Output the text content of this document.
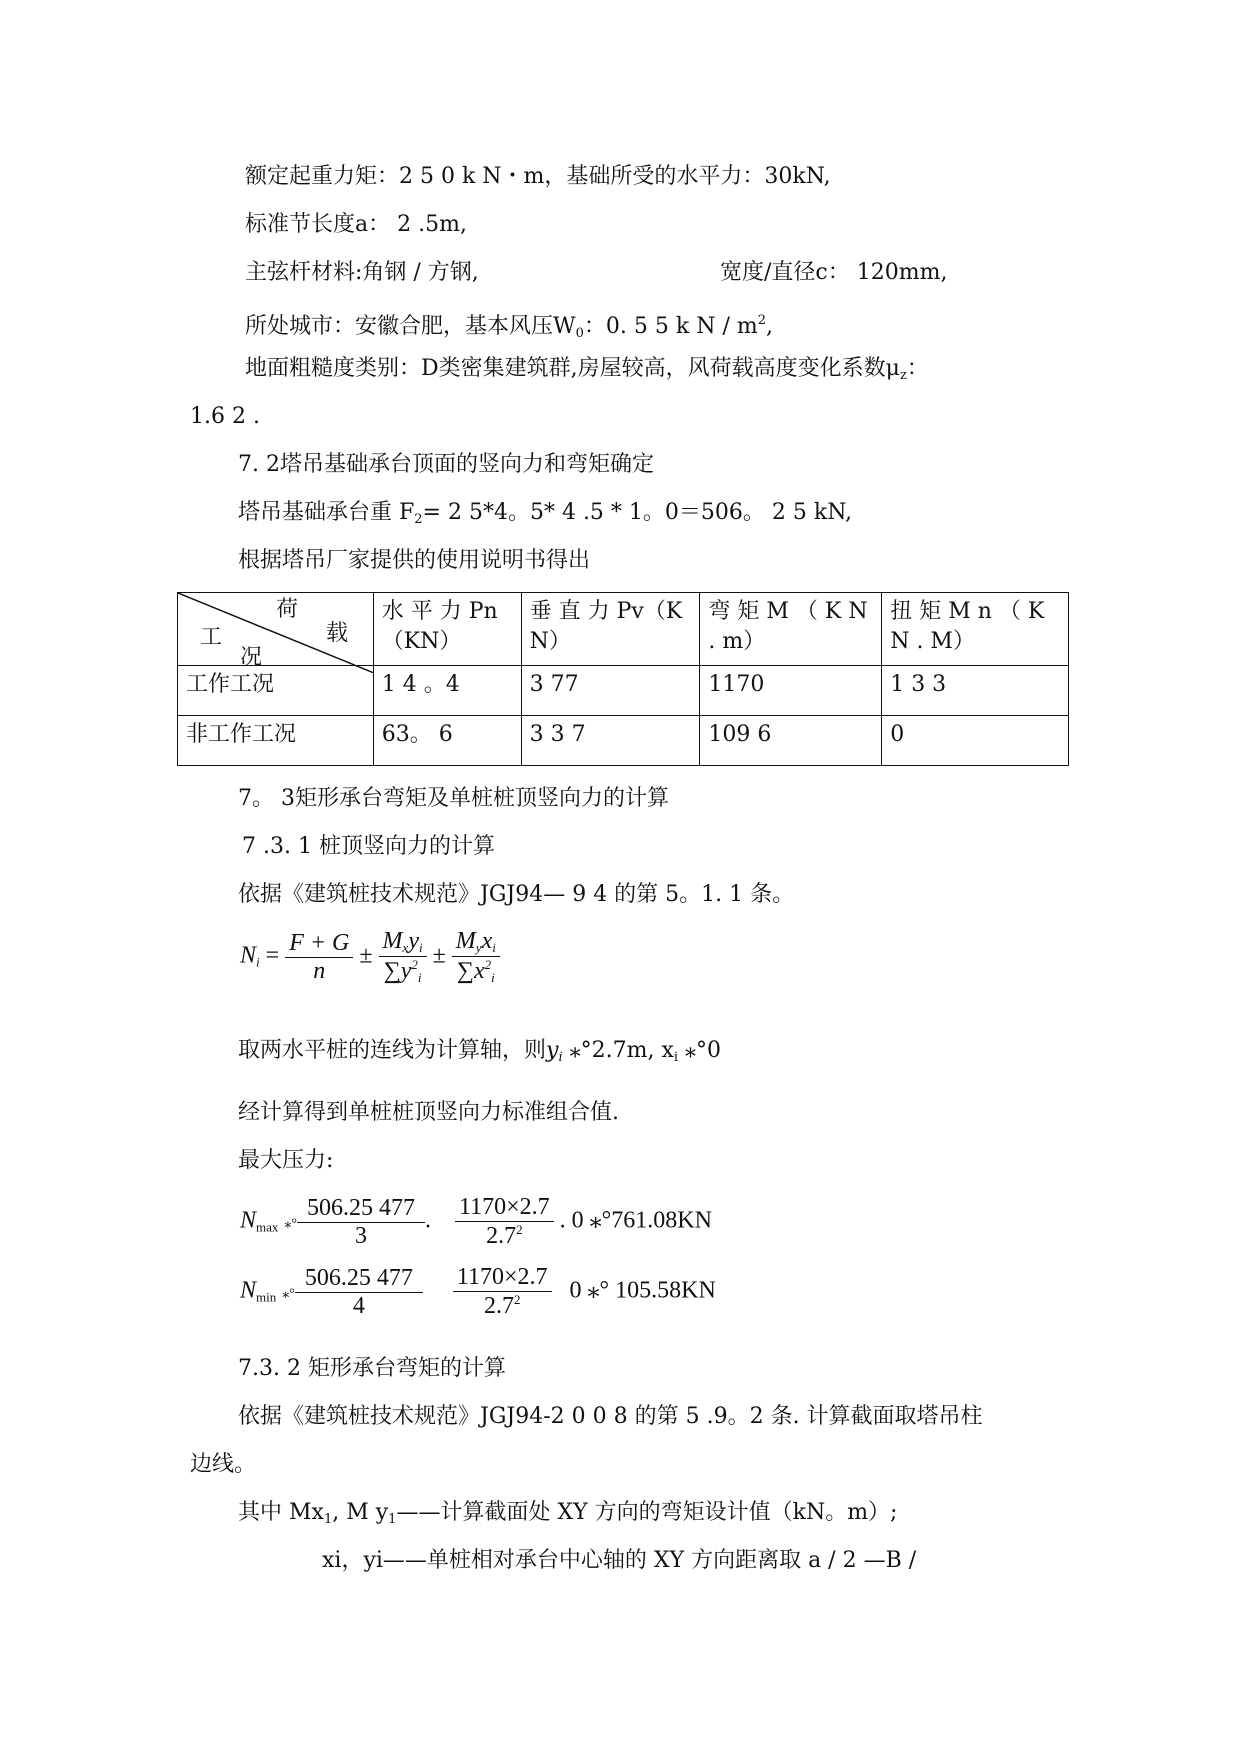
额定起重力矩：2 5 0 k N・m，基础所受的水平力：30kN,
标准节长度a： 2 .5m,
主弦杆材料:角钢 / 方钢,	宽度/直径c： 120mm,
所处城市：安徽合肥，基本风压$W_0$：0. 5 5 k N / $m^2$,
地面粗糙度类别：D类密集建筑群,房屋较高，风荷载高度变化系数$\mu_z$：
1.6 2 .
7. 2塔吊基础承台顶面的竖向力和弯矩确定
塔吊基础承台重 $F_2= 2$ 5*4。5* 4 .5 * 1。0＝506。 2 5 kN,
根据塔吊厂家提供的使用说明书得出
荷
载
工
况	水 平 力 Pn（KN）	垂 直 力 Pv（K N）	弯 矩 M （ K N . m）	扭 矩 M n （ K N . M）
工作工况	1 4 。4	3 77	1170	1 3 3
非工作工况	63。 6	3 3 7	109 6	0
7。 3矩形承台弯矩及单桩桩顶竖向力的计算
7 .3. 1 桩顶竖向力的计算
依据《建筑桩技术规范》JGJ94— 9 4 的第 5。1. 1 条。
$N_i = \frac{F + G}{n} \pm \frac{M_xy_i}{\sum y^2_i} \pm \frac{M_yx_i}{\sum x^2_i}$
取两水平桩的连线为计算轴，则$y_i$ ⁎°2.7m, $x_i$ ⁎°0
经计算得到单桩桩顶竖向力标准组合值.
最大压力:
$N_{max}$ ⁎° $\frac{506.25 477}{3}$ . $\frac{1170\times 2.7}{2.7^2}$ . 0 ⁎°761.08KN
$N_{min}$ ⁎° $\frac{506.25 477}{4}$
$\frac{1170\times 2.7}{2.7^2} 0$ ⁎° 105.58KN
7.3. 2 矩形承台弯矩的计算
依据《建筑桩技术规范》JGJ94-2 0 0 8 的第 5 .9。2 条. 计算截面取塔吊柱
边线。
其中 $Mx_1$, M $y_1——$计算截面处 XY 方向的弯矩设计值（kN。m）;
xi，yi——单桩相对承台中心轴的 XY 方向距离取 a / 2 —B /
